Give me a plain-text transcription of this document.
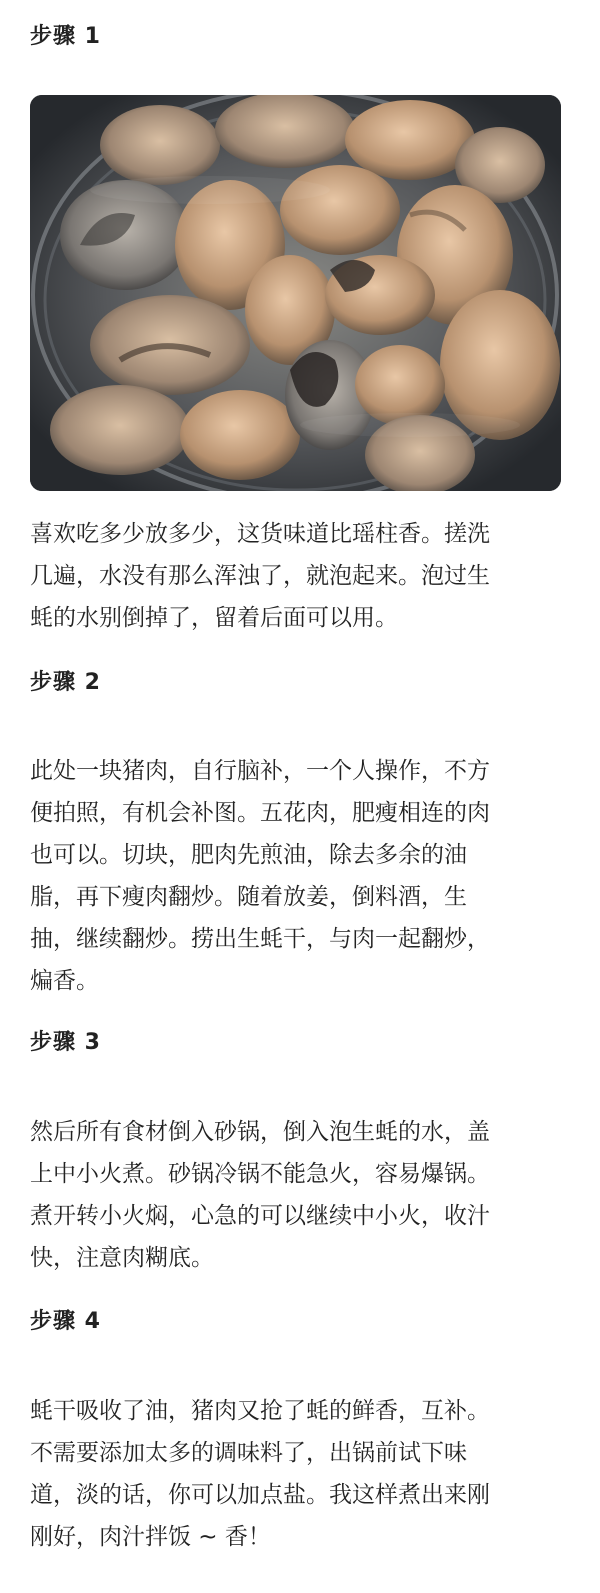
步骤 1
喜欢吃多少放多少，这货味道比瑶柱香。搓洗
几遍，水没有那么浑浊了，就泡起来。泡过生
蚝的水别倒掉了，留着后面可以用。
步骤 2
此处一块猪肉，自行脑补，一个人操作，不方
便拍照，有机会补图。五花肉，肥瘦相连的肉
也可以。切块，肥肉先煎油，除去多余的油
脂，再下瘦肉翻炒。随着放姜，倒料酒，生
抽，继续翻炒。捞出生蚝干，与肉一起翻炒，
煸香。
步骤 3
然后所有食材倒入砂锅，倒入泡生蚝的水，盖
上中小火煮。砂锅冷锅不能急火，容易爆锅。
煮开转小火焖，心急的可以继续中小火，收汁
快，注意肉糊底。
步骤 4
蚝干吸收了油，猪肉又抢了蚝的鲜香，互补。
不需要添加太多的调味料了，出锅前试下味
道，淡的话，你可以加点盐。我这样煮出来刚
刚好，肉汁拌饭 ~ 香！
